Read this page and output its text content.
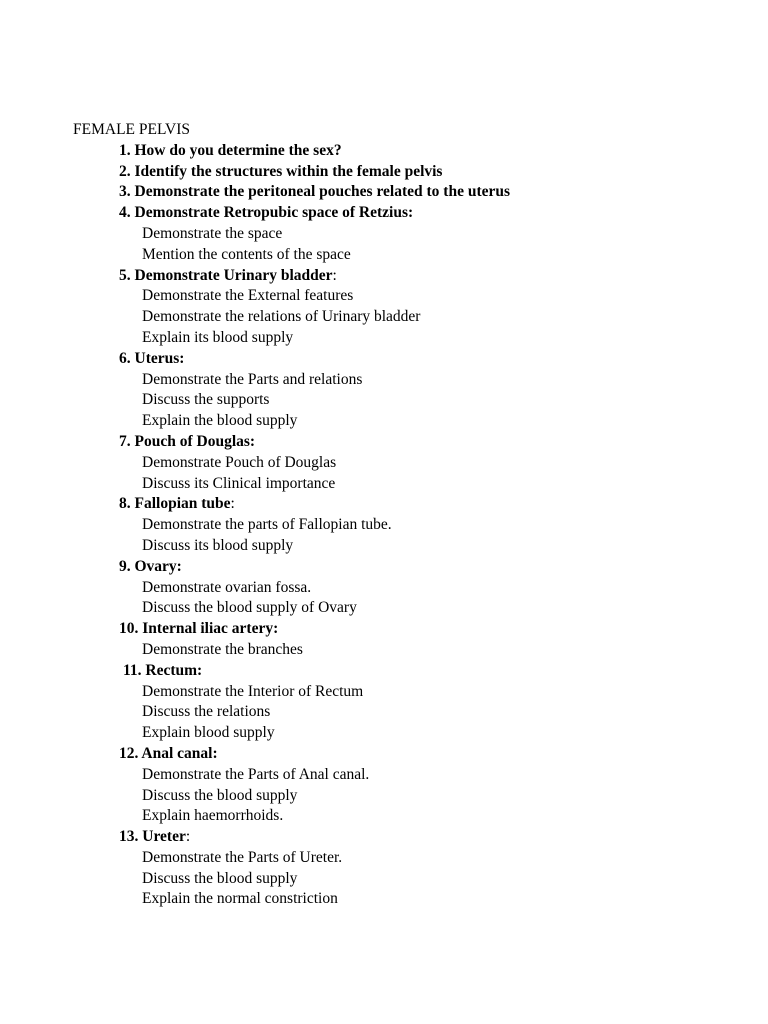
FEMALE PELVIS
1. How do you determine the sex?
2. Identify the structures within the female pelvis
3. Demonstrate the peritoneal pouches related to the uterus
4. Demonstrate Retropubic space of Retzius:
Demonstrate the space
Mention the contents of the space
5. Demonstrate Urinary bladder:
Demonstrate the External features
Demonstrate the relations of Urinary bladder
Explain its blood supply
6. Uterus:
Demonstrate the Parts and relations
Discuss the supports
Explain the blood supply
7. Pouch of Douglas:
Demonstrate Pouch of Douglas
Discuss its Clinical importance
8. Fallopian tube:
Demonstrate the parts of Fallopian tube.
Discuss its blood supply
9. Ovary:
Demonstrate ovarian fossa.
Discuss the blood supply of Ovary
10. Internal iliac artery:
Demonstrate the branches
11. Rectum:
Demonstrate the Interior of Rectum
Discuss the relations
Explain blood supply
12. Anal canal:
Demonstrate the Parts of Anal canal.
Discuss the blood supply
Explain haemorrhoids.
13. Ureter:
Demonstrate the Parts of Ureter.
Discuss the blood supply
Explain the normal constriction
